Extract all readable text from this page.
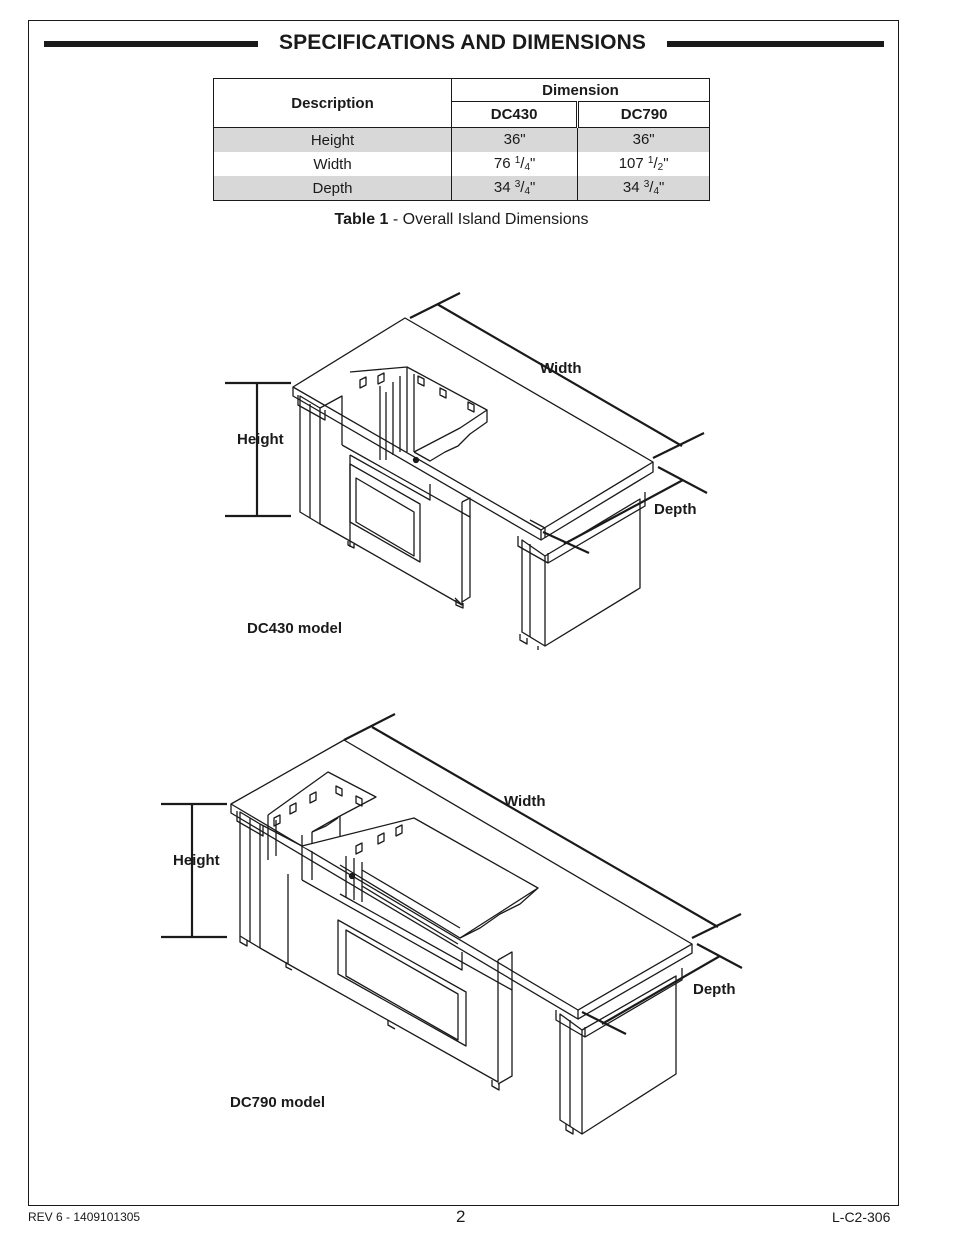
SPECIFICATIONS AND DIMENSIONS
Description	Dimension	
	DC430	DC790
Height	36"	36"
Width	76 $^1/_4$"	107 $^1/_2$"
Depth	34 $^3/_4$"	34 $^3/_4$"
Table 1 - Overall Island Dimensions
Width
Height
Depth
DC430 model
Width
Height
Depth
DC790 model
REV 6 - 1409101305	2	L-C2-306
